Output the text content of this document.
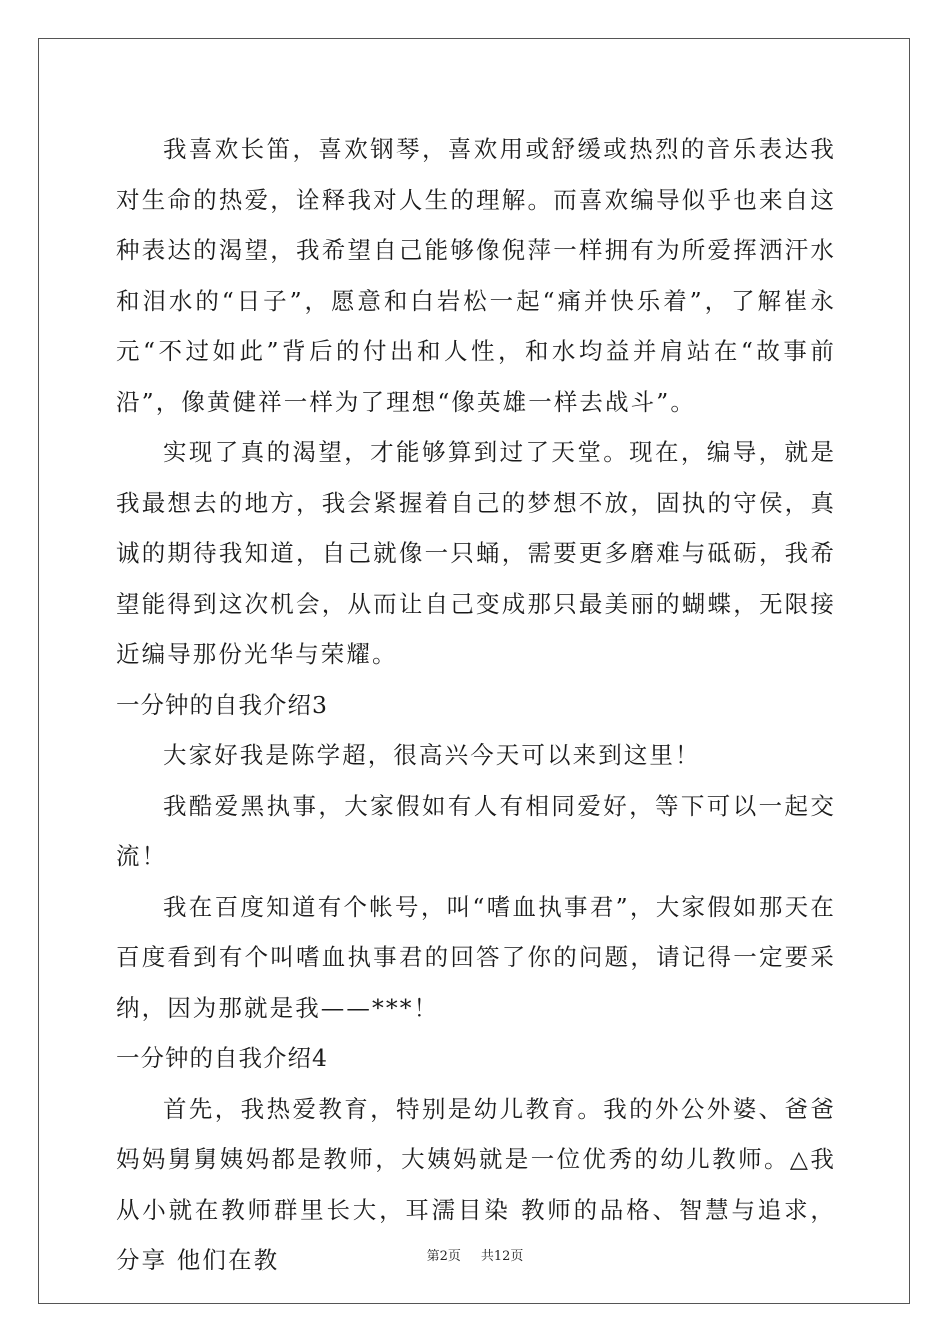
我喜欢长笛，喜欢钢琴，喜欢用或舒缓或热烈的音乐表达我对生命的热爱，诠释我对人生的理解。而喜欢编导似乎也来自这种表达的渴望，我希望自己能够像倪萍一样拥有为所爱挥洒汗水和泪水的“日子”，愿意和白岩松一起“痛并快乐着”，了解崔永元“不过如此”背后的付出和人性，和水均益并肩站在“故事前沿”，像黄健祥一样为了理想“像英雄一样去战斗”。

实现了真的渴望，才能够算到过了天堂。现在，编导，就是我最想去的地方，我会紧握着自己的梦想不放，固执的守侯，真诚的期待我知道，自己就像一只蛹，需要更多磨难与砥砺，我希望能得到这次机会，从而让自己变成那只最美丽的蝴蝶，无限接近编导那份光华与荣耀。

一分钟的自我介绍3

大家好我是陈学超，很高兴今天可以来到这里！

我酷爱黑执事，大家假如有人有相同爱好，等下可以一起交流！

我在百度知道有个帐号，叫“嗜血执事君”，大家假如那天在百度看到有个叫嗜血执事君的回答了你的问题，请记得一定要采纳，因为那就是我——***！

一分钟的自我介绍4

首先，我热爱教育，特别是幼儿教育。我的外公外婆、爸爸妈妈舅舅姨妈都是教师，大姨妈就是一位优秀的幼儿教师。△我从小就在教师群里长大，耳濡目染 教师的品格、智慧与追求，分享 他们在教	第2页 共12页
